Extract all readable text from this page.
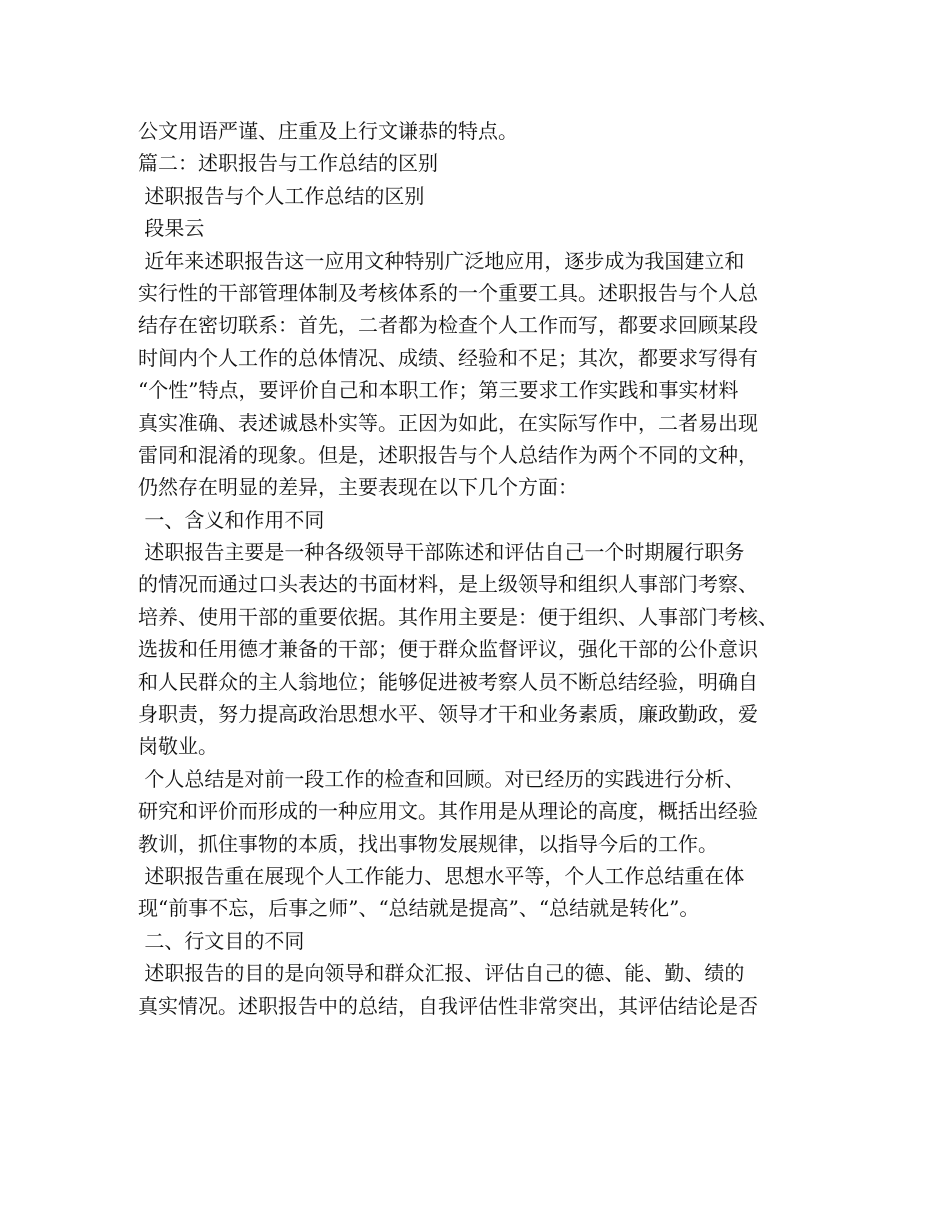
公文用语严谨、庄重及上行文谦恭的特点。
篇二：述职报告与工作总结的区别
述职报告与个人工作总结的区别
段果云
近年来述职报告这一应用文种特别广泛地应用，逐步成为我国建立和
实行性的干部管理体制及考核体系的一个重要工具。述职报告与个人总
结存在密切联系：首先，二者都为检查个人工作而写，都要求回顾某段
时间内个人工作的总体情况、成绩、经验和不足；其次，都要求写得有
“个性”特点，要评价自己和本职工作；第三要求工作实践和事实材料
真实准确、表述诚恳朴实等。正因为如此，在实际写作中，二者易出现
雷同和混淆的现象。但是，述职报告与个人总结作为两个不同的文种，
仍然存在明显的差异，主要表现在以下几个方面：
一、含义和作用不同
述职报告主要是一种各级领导干部陈述和评估自己一个时期履行职务
的情况而通过口头表达的书面材料，是上级领导和组织人事部门考察、
培养、使用干部的重要依据。其作用主要是：便于组织、人事部门考核、
选拔和任用德才兼备的干部；便于群众监督评议，强化干部的公仆意识
和人民群众的主人翁地位；能够促进被考察人员不断总结经验，明确自
身职责，努力提高政治思想水平、领导才干和业务素质，廉政勤政，爱
岗敬业。
个人总结是对前一段工作的检查和回顾。对已经历的实践进行分析、
研究和评价而形成的一种应用文。其作用是从理论的高度，概括出经验
教训，抓住事物的本质，找出事物发展规律，以指导今后的工作。
述职报告重在展现个人工作能力、思想水平等，个人工作总结重在体
现“前事不忘，后事之师”、“总结就是提高”、“总结就是转化”。
二、行文目的不同
述职报告的目的是向领导和群众汇报、评估自己的德、能、勤、绩的
真实情况。述职报告中的总结，自我评估性非常突出，其评估结论是否
